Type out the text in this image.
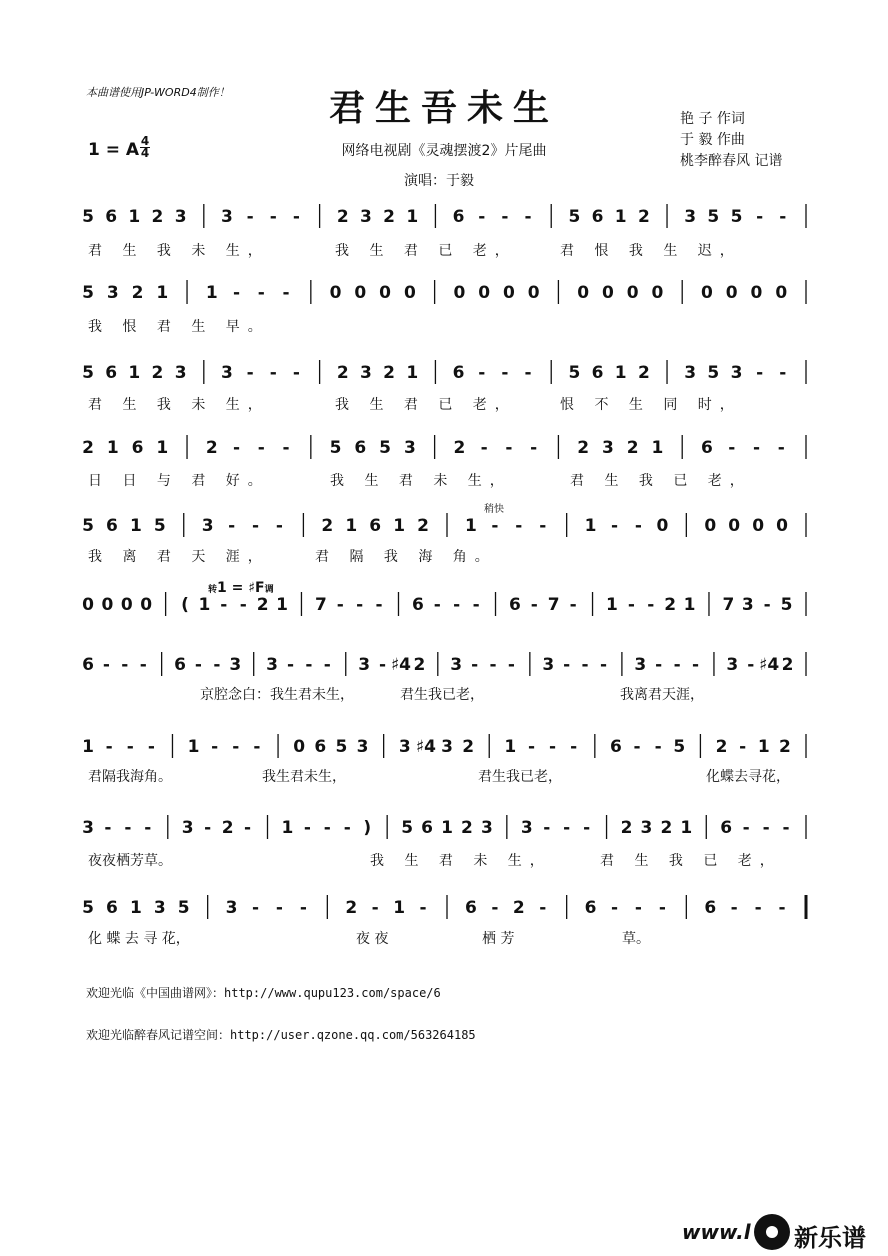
本曲谱使用JP-WORD4制作！	君生吾未生
1 = A 4
4	网络电视剧《灵魂摆渡2》片尾曲
演唱：于毅
艳 子 作词
于 毅 作曲
桃李醉春风 记谱
5 6 1 2 3 3 - - - 2 3 2 1 6 - - - 5 6 1 2 3 5 5 - -
5 3 2 1 1 - - - 0 0 0 0 0 0 0 0 0 0 0 0 0 0 0 0
5 6 1 2 3 3 - - - 2 3 2 1 6 - - - 5 6 1 2 3 5 3 - -
2 1 6 1 2 - - - 5 6 5 3 2 - - - 2 3 2 1 6 - - -
5 6 1 5 3 - - - 2 1 6 1 2 1 - - - 1 - - 0 0 0 0 0
0 0 0 0 ( 1 - - 2 1 7 - - - 6 - - - 6 - 7 - 1 - - 2 1 7 3 - 5
6 - - - 6 - - 3 3 - - - 3 - ♯4 2 3 - - - 3 - - - 3 - - - 3 - ♯4 2
1 - - - 1 - - - 0 6 5 3 3 ♯4 3 2 1 - - - 6 - - 5 2 - 1 2
3 - - - 3 - 2 - 1 - - - ) 5 6 1 2 3 3 - - - 2 3 2 1 6 - - -
5 6 1 3 5 3 - - - 2 - 1 - 6 - 2 - 6 - - - 6 - - -
稍快
转1 = ♯F调
君 生 我 未 生，	我 生 君 已 老，	君 恨 我 生 迟，
我 恨 君 生 早。
君 生 我 未 生，	我 生 君 已 老，	恨 不 生 同 时，
日 日 与 君 好。	我 生 君 未 生，	君 生 我 已 老，
我 离 君 天 涯，	君 隔 我 海 角。
京腔念白：我生君未生，	君生我已老，	我离君天涯，
君隔我海角。	我生君未生，	君生我已老，	化蝶去寻花，
夜夜栖芳草。	我 生 君 未 生，	君 生 我 已 老，
化 蝶 去 寻 花，	夜 夜	栖 芳	草。
欢迎光临《中国曲谱网》：http://www.qupu123.com/space/6
欢迎光临醉春风记谱空间：http://user.qzone.qq.com/563264185
www.l 新乐谱
